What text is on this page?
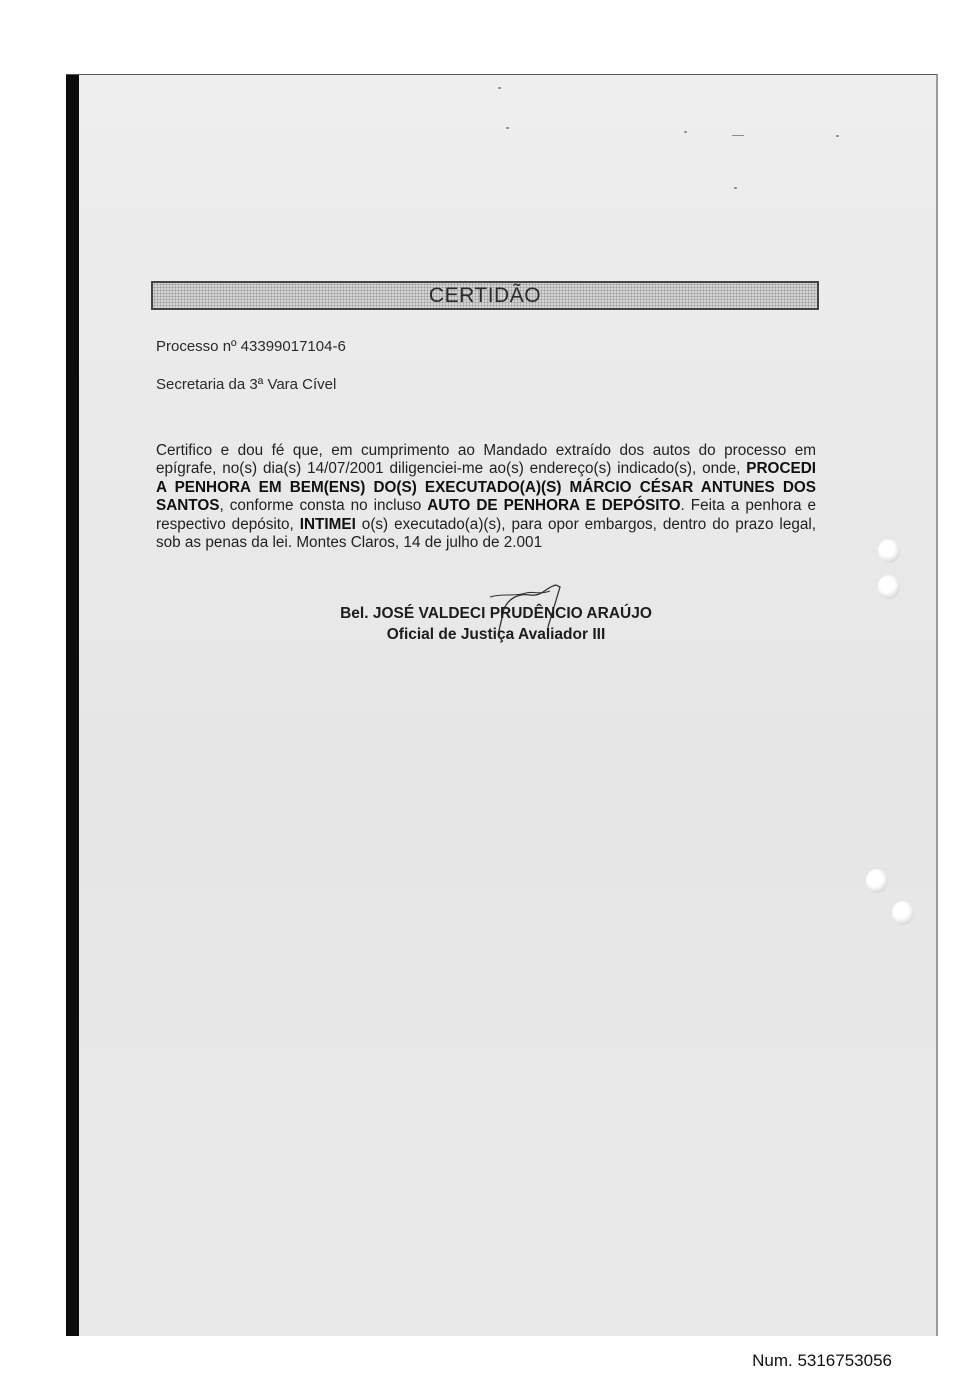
CERTIDÃO
Processo nº 43399017104-6
Secretaria da 3ª Vara Cível

Certifico e dou fé que, em cumprimento ao Mandado extraído dos autos do processo em epígrafe, no(s) dia(s) 14/07/2001 diligenciei-me ao(s) endereço(s) indicado(s), onde, PROCEDI A PENHORA EM BEM(ENS) DO(S) EXECUTADO(A)(S) MÁRCIO CÉSAR ANTUNES DOS SANTOS, conforme consta no incluso AUTO DE PENHORA E DEPÓSITO. Feita a penhora e respectivo depósito, INTIMEI o(s) executado(a)(s), para opor embargos, dentro do prazo legal, sob as penas da lei. Montes Claros, 14 de julho de 2.001

Bel. JOSÉ VALDECI PRUDÊNCIO ARAÚJO
Oficial de Justiça Avaliador III
Num. 5316753056
